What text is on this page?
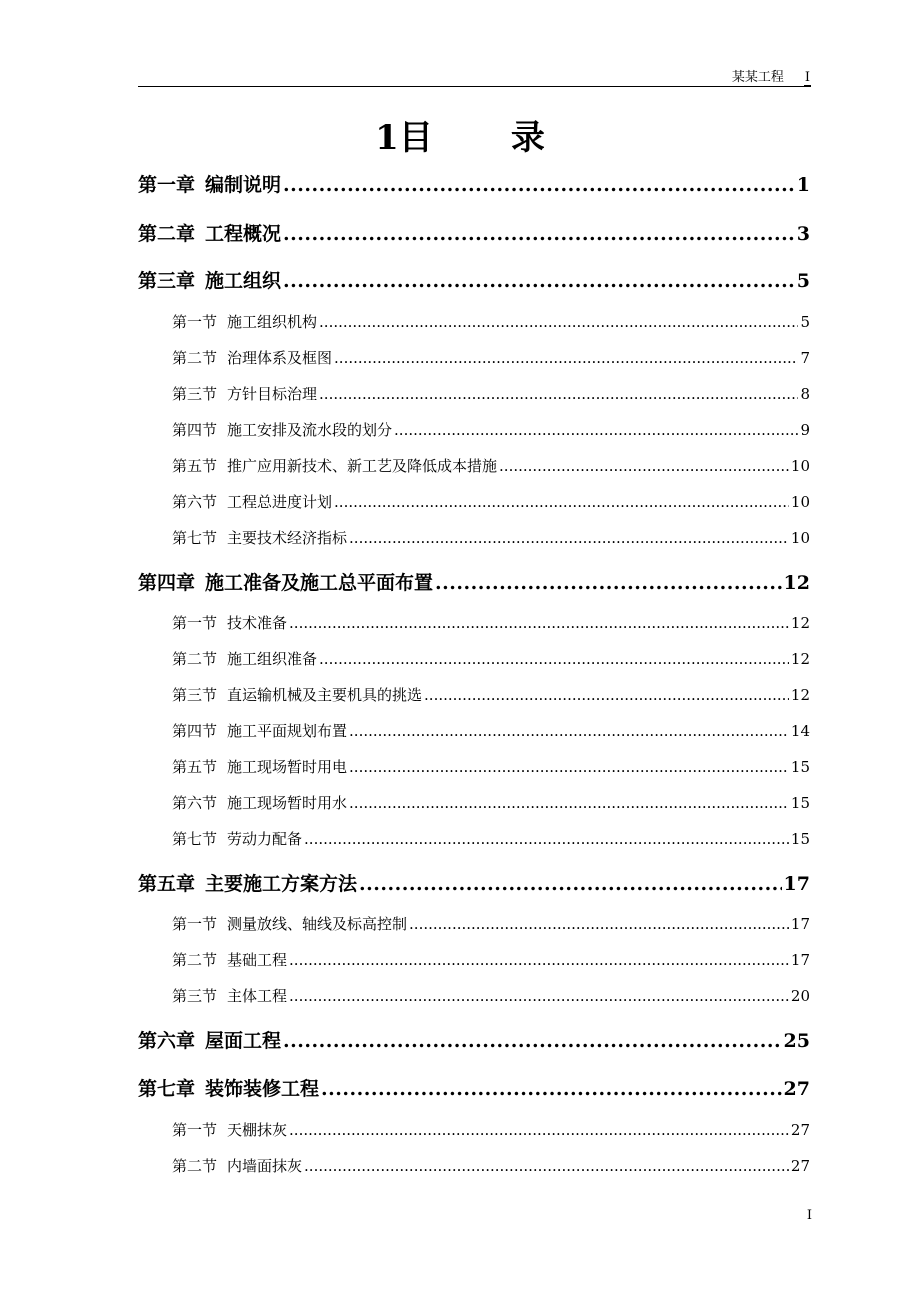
某某工程 I
1目 录
第一章 编制说明 .....	1
第二章 工程概况 .....	3
第三章 施工组织 .....	5
第一节 施工组织机构 .....	5
第二节 治理体系及框图 .....	7
第三节 方针目标治理 .....	8
第四节 施工安排及流水段的划分 .....	9
第五节 推广应用新技术、新工艺及降低成本措施 .....	10
第六节 工程总进度计划 .....	10
第七节 主要技术经济指标 .....	10
第四章 施工准备及施工总平面布置 .....	12
第一节 技术准备 .....	12
第二节 施工组织准备 .....	12
第三节 直运输机械及主要机具的挑选 .....	12
第四节 施工平面规划布置 .....	14
第五节 施工现场暂时用电 .....	15
第六节 施工现场暂时用水 .....	15
第七节 劳动力配备 .....	15
第五章 主要施工方案方法 .....	17
第一节 测量放线、轴线及标高控制 .....	17
第二节 基础工程 .....	17
第三节 主体工程 .....	20
第六章 屋面工程 .....	25
第七章 装饰装修工程 .....	27
第一节 天棚抹灰 .....	27
第二节 内墙面抹灰 .....	27
I
